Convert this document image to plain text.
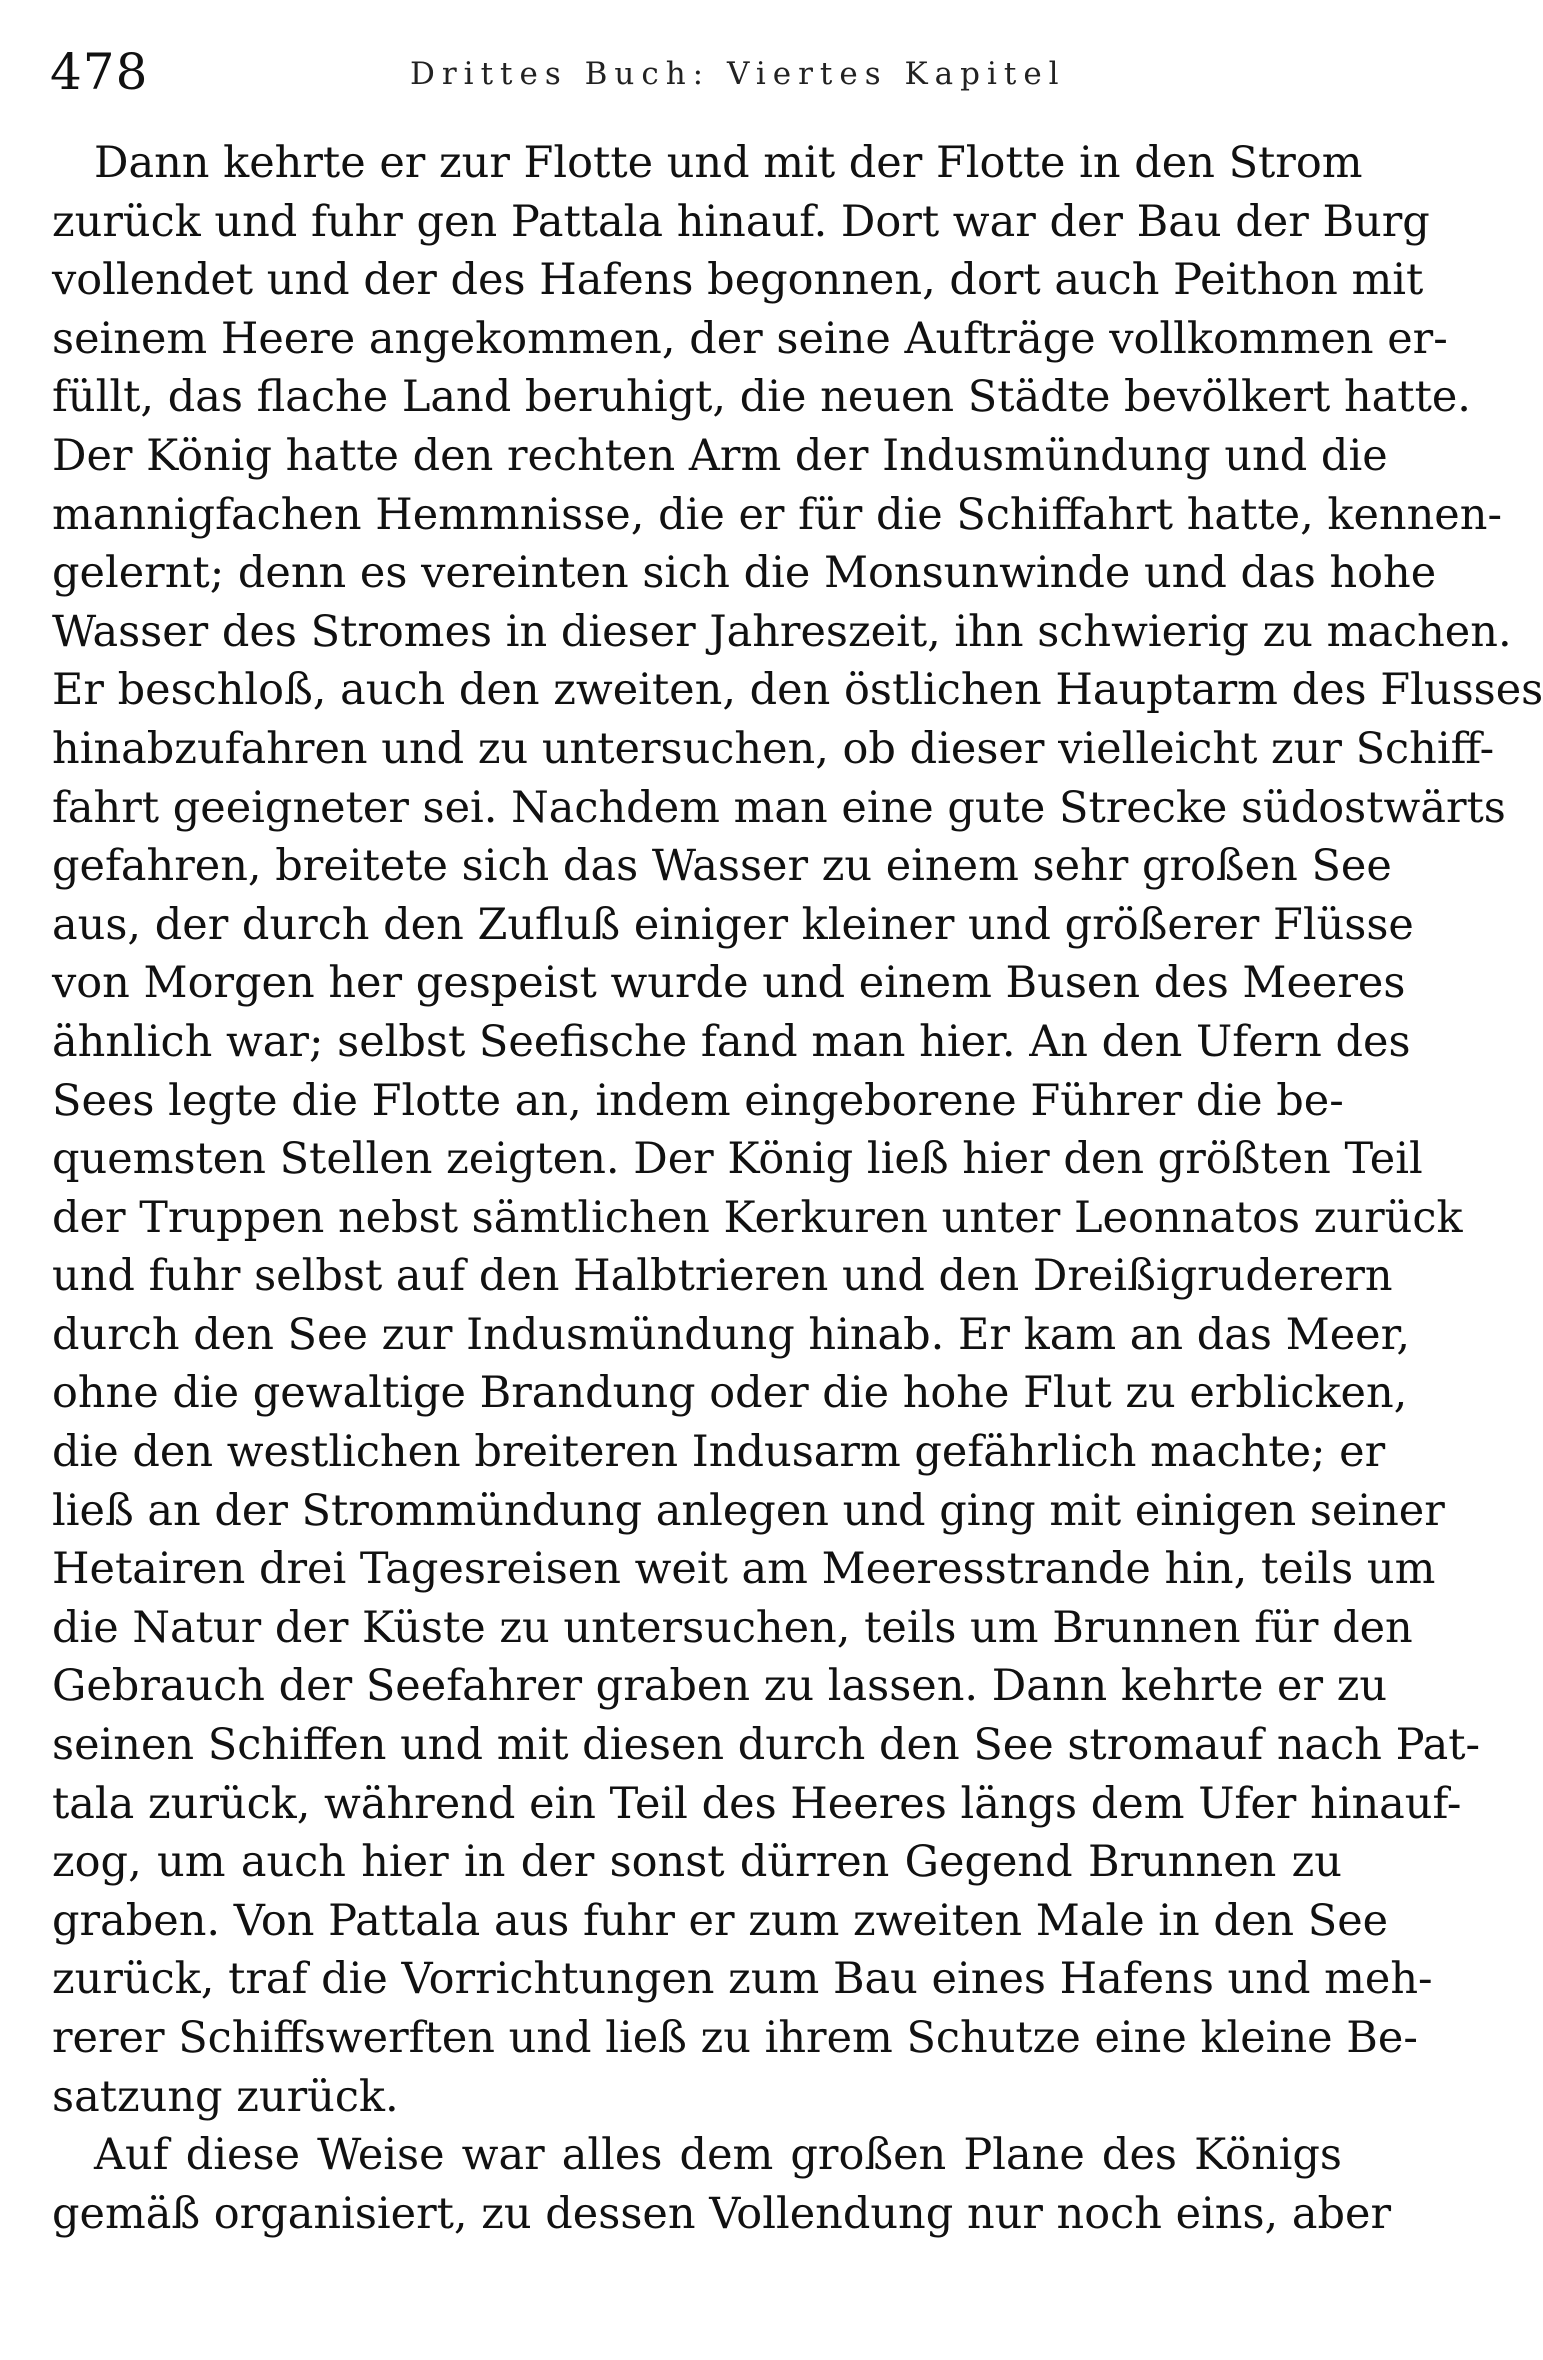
478	Drittes Buch: Viertes Kapitel
Dann kehrte er zur Flotte und mit der Flotte in den Strom
zurück und fuhr gen Pattala hinauf. Dort war der Bau der Burg
vollendet und der des Hafens begonnen, dort auch Peithon mit
seinem Heere angekommen, der seine Aufträge vollkommen er-
füllt, das flache Land beruhigt, die neuen Städte bevölkert hatte.
Der König hatte den rechten Arm der Indusmündung und die
mannigfachen Hemmnisse, die er für die Schiffahrt hatte, kennen-
gelernt; denn es vereinten sich die Monsunwinde und das hohe
Wasser des Stromes in dieser Jahreszeit, ihn schwierig zu machen.
Er beschloß, auch den zweiten, den östlichen Hauptarm des Flusses
hinabzufahren und zu untersuchen, ob dieser vielleicht zur Schiff-
fahrt geeigneter sei. Nachdem man eine gute Strecke südostwärts
gefahren, breitete sich das Wasser zu einem sehr großen See
aus, der durch den Zufluß einiger kleiner und größerer Flüsse
von Morgen her gespeist wurde und einem Busen des Meeres
ähnlich war; selbst Seefische fand man hier. An den Ufern des
Sees legte die Flotte an, indem eingeborene Führer die be-
quemsten Stellen zeigten. Der König ließ hier den größten Teil
der Truppen nebst sämtlichen Kerkuren unter Leonnatos zurück
und fuhr selbst auf den Halbtrieren und den Dreißigruderern
durch den See zur Indusmündung hinab. Er kam an das Meer,
ohne die gewaltige Brandung oder die hohe Flut zu erblicken,
die den westlichen breiteren Indusarm gefährlich machte; er
ließ an der Strommündung anlegen und ging mit einigen seiner
Hetairen drei Tagesreisen weit am Meeresstrande hin, teils um
die Natur der Küste zu untersuchen, teils um Brunnen für den
Gebrauch der Seefahrer graben zu lassen. Dann kehrte er zu
seinen Schiffen und mit diesen durch den See stromauf nach Pat-
tala zurück, während ein Teil des Heeres längs dem Ufer hinauf-
zog, um auch hier in der sonst dürren Gegend Brunnen zu
graben. Von Pattala aus fuhr er zum zweiten Male in den See
zurück, traf die Vorrichtungen zum Bau eines Hafens und meh-
rerer Schiffswerften und ließ zu ihrem Schutze eine kleine Be-
satzung zurück.
Auf diese Weise war alles dem großen Plane des Königs
gemäß organisiert, zu dessen Vollendung nur noch eins, aber
